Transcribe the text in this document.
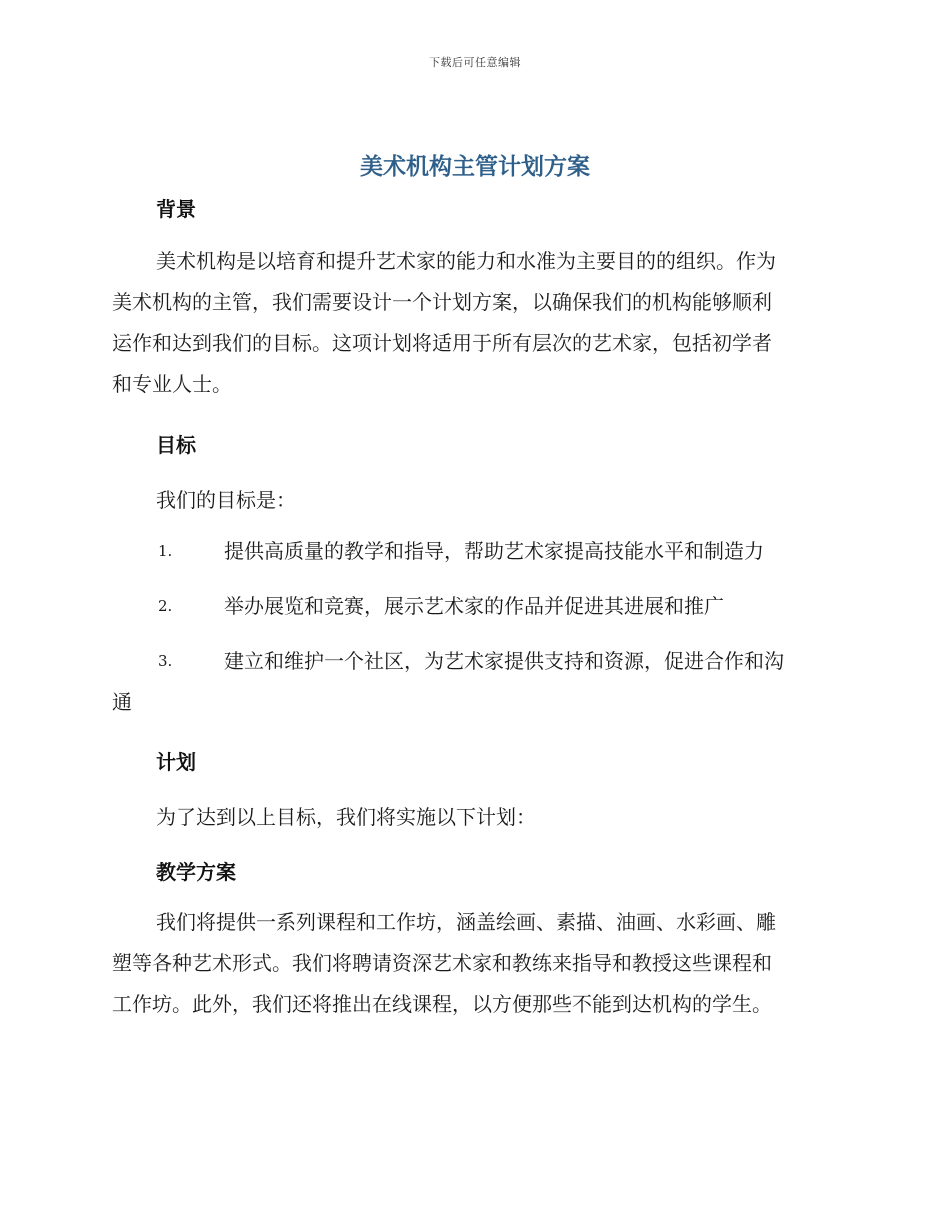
下载后可任意编辑
美术机构主管计划方案
背景
美术机构是以培育和提升艺术家的能力和水准为主要目的的组织。作为
美术机构的主管，我们需要设计一个计划方案，以确保我们的机构能够顺利
运作和达到我们的目标。这项计划将适用于所有层次的艺术家，包括初学者
和专业人士。
目标
我们的目标是：
1.	提供高质量的教学和指导，帮助艺术家提高技能水平和制造力
2.	举办展览和竞赛，展示艺术家的作品并促进其进展和推广
3.	建立和维护一个社区，为艺术家提供支持和资源，促进合作和沟
通
计划
为了达到以上目标，我们将实施以下计划：
教学方案
我们将提供一系列课程和工作坊，涵盖绘画、素描、油画、水彩画、雕
塑等各种艺术形式。我们将聘请资深艺术家和教练来指导和教授这些课程和
工作坊。此外，我们还将推出在线课程，以方便那些不能到达机构的学生。
